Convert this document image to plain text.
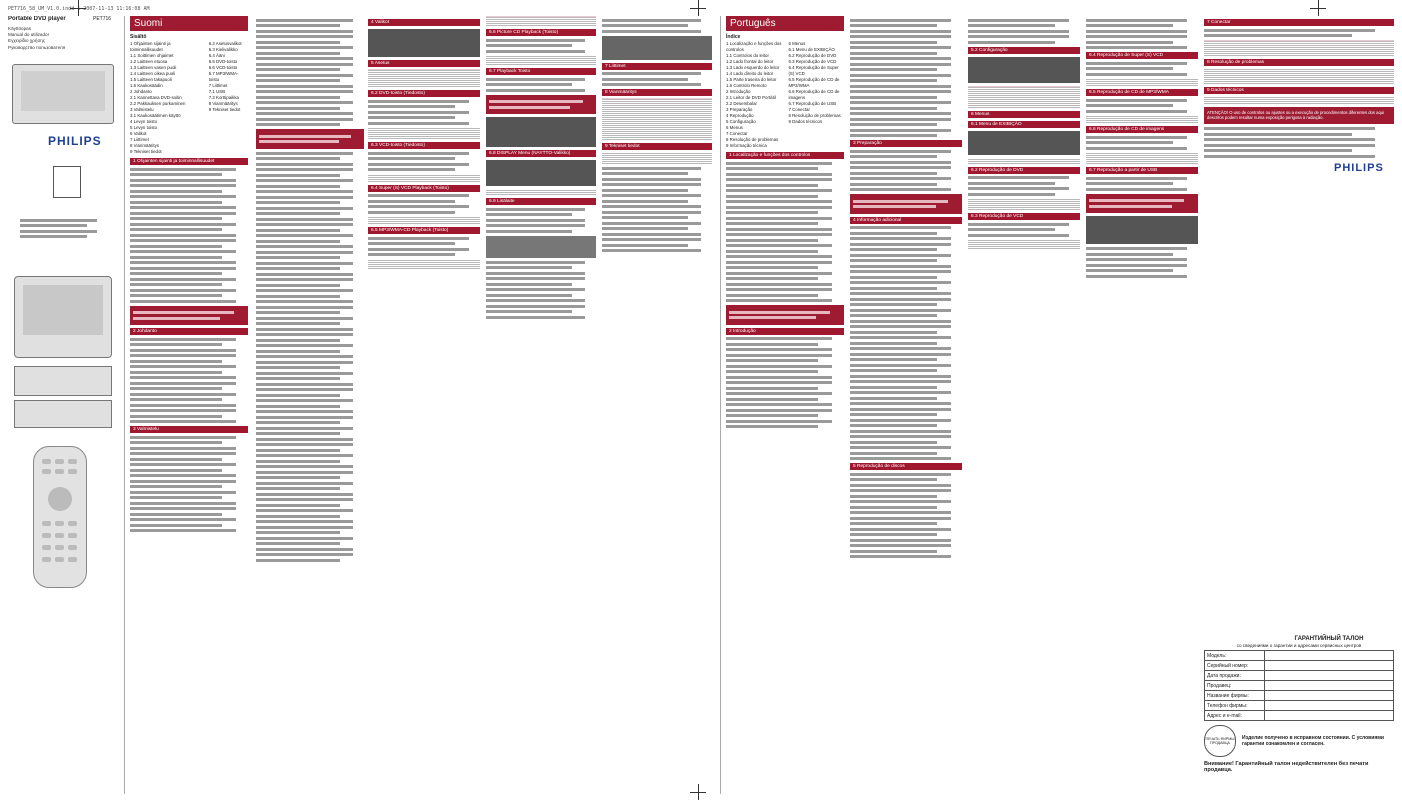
PET716_58_UM_V1.0.indd 1 2007-11-13 11:16:08 AM
Portable DVD player	PET716
Käyttöopas
Manual do utilizador
Εγχειρίδιο χρήσης
Руководство пользователя
PHILIPS
Suomi
Sisältö
1 Ohjainten sijainti ja toiminnallisuudet
1.1 Soittimen ohjaimet
1.2 Laitteen etuosa
1.3 Laitteen vasen puoli
1.4 Laitteen oikea puoli
1.5 Laitteen takapuoli
1.6 Kaukosäädin
2 Johdanto
2.1 Kannettava DVD-soitin
2.2 Pakkauksen purkaminen
3 Valmistelu
3.1 Kaukosäätimen käyttö
4 Levyn toisto
5 Levyn toisto
6 Valikot
7 Liittimet
8 Vianmääritys
9 Tekniset tiedot
6.2 Asetusvalikot
6.3 Kielivalikko
6.4 Ääni
6.5 DVD-toisto
6.6 VCD-toisto
6.7 MP3/WMA-toisto
7 Liittimet
7.1 USB
7.2 Korttipaikka
8 Vianmääritys
9 Tekniset tiedot
1 Ohjainten sijainti ja toiminnallisuudet
2 Johdanto
3 Valmistelu
4 Valikot
5 Asetus
6.2 DVD-toisto (Tiedosto)
6.3 VCD-toisto (Tiedosto)
6.4 Super (S) VCD Playback (Toisto)
6.5 MP3/WMA-CD Playback (Toisto)
6.6 Picture CD Playback (Toisto)
6.7 Playback Toisto
6.8 DISPLAY Menu (NAYTTO-Valikko)
6.9 Lisälaite
7 Liittimet
8 Vianmääritys
9 Tekniset tiedot
Português
Índice
1 Localização e funções dos controlos
1.1 Controlos do leitor
1.2 Lado frontal do leitor
1.3 Lado esquerdo do leitor
1.4 Lado direito do leitor
1.5 Parte traseira do leitor
1.6 Controlo Remoto
2 Introdução
2.1 Leitor de DVD Portátil
2.2 Desembalar
3 Preparação
4 Reprodução
5 Configuração
6 Menus
7 Conectar
8 Resolução de problemas
9 Informação técnica
6 Menus
6.1 Menu de EXIBIÇÃO
6.2 Reprodução de DVD
6.3 Reprodução de VCD
6.4 Reprodução de Super (S) VCD
6.5 Reprodução de CD de MP3/WMA
6.6 Reprodução de CD de imagens
6.7 Reprodução de USB
7 Conectar
8 Resolução de problemas
9 Dados técnicos
1 Localização e funções dos controlos
2 Introdução
3 Preparação
4 Informação adicional
5 Reprodução de discos
5.2 Configuração
6 Menus
6.1 Menu de EXIBIÇÃO
6.2 Reprodução de DVD
6.3 Reprodução de VCD
6.4 Reprodução de Super (S) VCD
6.5 Reprodução de CD de MP3/WMA
6.6 Reprodução de CD de imagens
6.7 Reprodução a partir de USB
7 Conectar
8 Resolução de problemas
9 Dados técnicos
ATENÇÃO! O uso de controlos ou ajustes ou a execução de procedimentos diferentes dos aqui descritos podem resultar numa exposição perigosa à radiação.
PHILIPS
ГАРАНТИЙНЫЙ ТАЛОН
со сведениями о гарантии и адресами сервисных центров
Модель:	
Серийный номер:	
Дата продажи:	
Продавец:	
Название фирмы:	
Телефон фирмы:	
Адрес и e-mail:	
ПЕЧАТЬ ФИРМЫ ПРОДАВЦА
Изделие получено в исправном состоянии. С условиями гарантии ознакомлен и согласен.
Внимание! Гарантийный талон недействителен без печати продавца.
